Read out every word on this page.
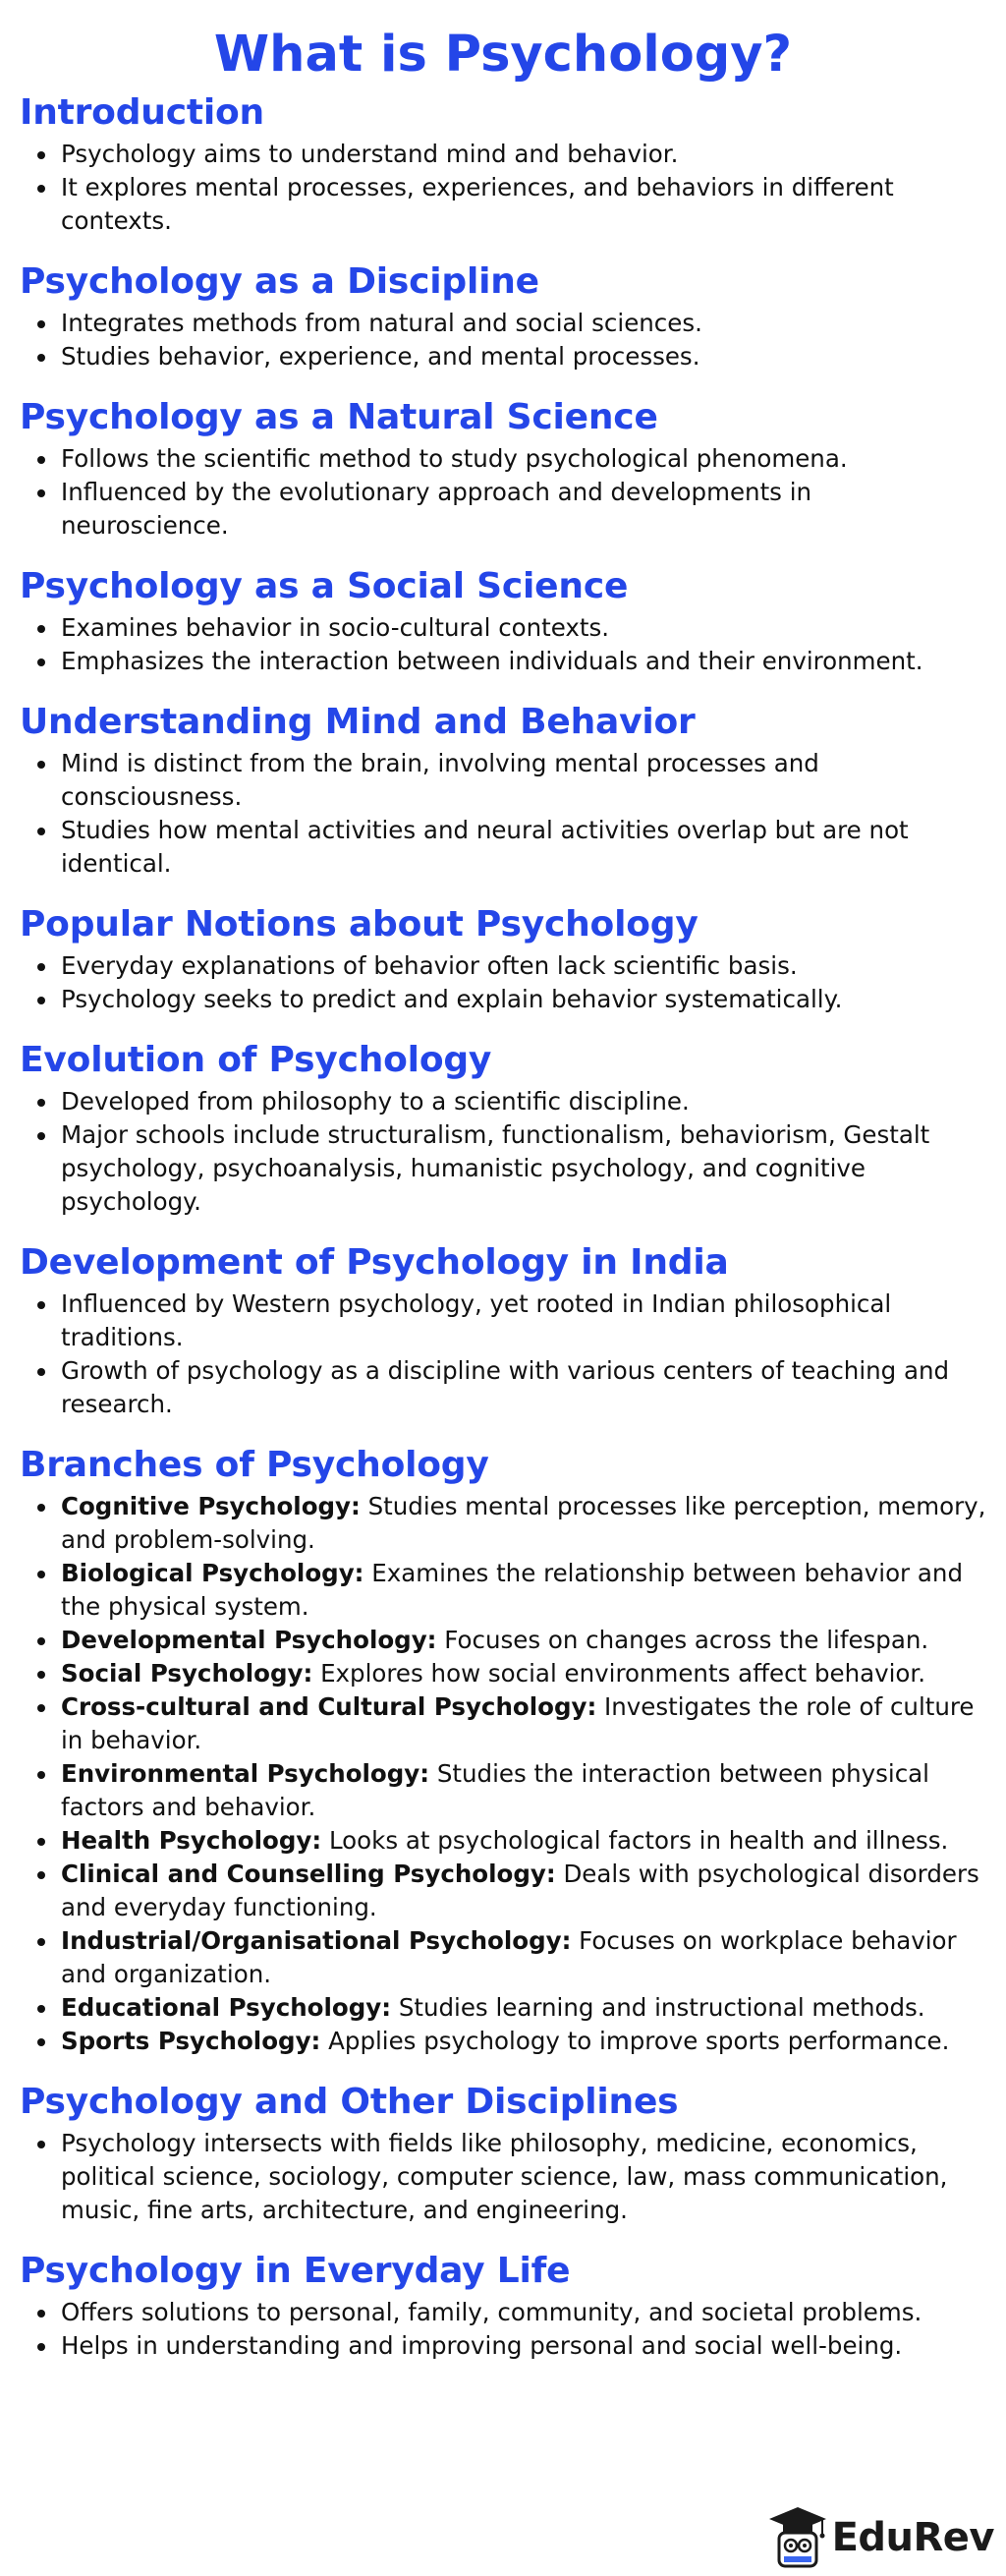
What is Psychology?
Introduction
Psychology aims to understand mind and behavior.
It explores mental processes, experiences, and behaviors in different contexts.
Psychology as a Discipline
Integrates methods from natural and social sciences.
Studies behavior, experience, and mental processes.
Psychology as a Natural Science
Follows the scientific method to study psychological phenomena.
Influenced by the evolutionary approach and developments in neuroscience.
Psychology as a Social Science
Examines behavior in socio-cultural contexts.
Emphasizes the interaction between individuals and their environment.
Understanding Mind and Behavior
Mind is distinct from the brain, involving mental processes and consciousness.
Studies how mental activities and neural activities overlap but are not identical.
Popular Notions about Psychology
Everyday explanations of behavior often lack scientific basis.
Psychology seeks to predict and explain behavior systematically.
Evolution of Psychology
Developed from philosophy to a scientific discipline.
Major schools include structuralism, functionalism, behaviorism, Gestalt psychology, psychoanalysis, humanistic psychology, and cognitive psychology.
Development of Psychology in India
Influenced by Western psychology, yet rooted in Indian philosophical traditions.
Growth of psychology as a discipline with various centers of teaching and research.
Branches of Psychology
Cognitive Psychology: Studies mental processes like perception, memory, and problem-solving.
Biological Psychology: Examines the relationship between behavior and the physical system.
Developmental Psychology: Focuses on changes across the lifespan.
Social Psychology: Explores how social environments affect behavior.
Cross-cultural and Cultural Psychology: Investigates the role of culture in behavior.
Environmental Psychology: Studies the interaction between physical factors and behavior.
Health Psychology: Looks at psychological factors in health and illness.
Clinical and Counselling Psychology: Deals with psychological disorders and everyday functioning.
Industrial/Organisational Psychology: Focuses on workplace behavior and organization.
Educational Psychology: Studies learning and instructional methods.
Sports Psychology: Applies psychology to improve sports performance.
Psychology and Other Disciplines
Psychology intersects with fields like philosophy, medicine, economics, political science, sociology, computer science, law, mass communication, music, fine arts, architecture, and engineering.
Psychology in Everyday Life
Offers solutions to personal, family, community, and societal problems.
Helps in understanding and improving personal and social well-being.
EduRev
